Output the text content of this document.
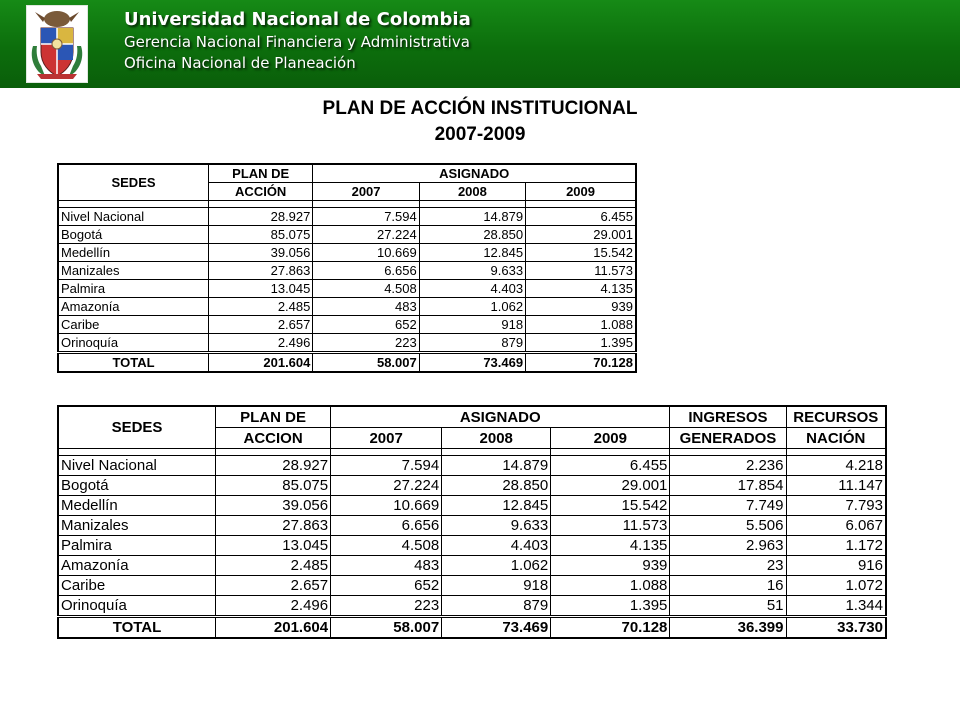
Universidad Nacional de Colombia
Gerencia Nacional Financiera y Administrativa
Oficina Nacional de Planeación
PLAN DE ACCIÓN INSTITUCIONAL
2007-2009
SEDES	PLAN DE	ASIGNADO		
	ACCIÓN	2007	2008	2009

Nivel Nacional	28.927	7.594	14.879	6.455
Bogotá	85.075	27.224	28.850	29.001
Medellín	39.056	10.669	12.845	15.542
Manizales	27.863	6.656	9.633	11.573
Palmira	13.045	4.508	4.403	4.135
Amazonía	2.485	483	1.062	939
Caribe	2.657	652	918	1.088
Orinoquía	2.496	223	879	1.395
TOTAL	201.604	58.007	73.469	70.128
SEDES	PLAN DE	ASIGNADO			INGRESOS	RECURSOS
	ACCION	2007	2008	2009	GENERADOS	NACIÓN

Nivel Nacional	28.927	7.594	14.879	6.455	2.236	4.218
Bogotá	85.075	27.224	28.850	29.001	17.854	11.147
Medellín	39.056	10.669	12.845	15.542	7.749	7.793
Manizales	27.863	6.656	9.633	11.573	5.506	6.067
Palmira	13.045	4.508	4.403	4.135	2.963	1.172
Amazonía	2.485	483	1.062	939	23	916
Caribe	2.657	652	918	1.088	16	1.072
Orinoquía	2.496	223	879	1.395	51	1.344
TOTAL	201.604	58.007	73.469	70.128	36.399	33.730
